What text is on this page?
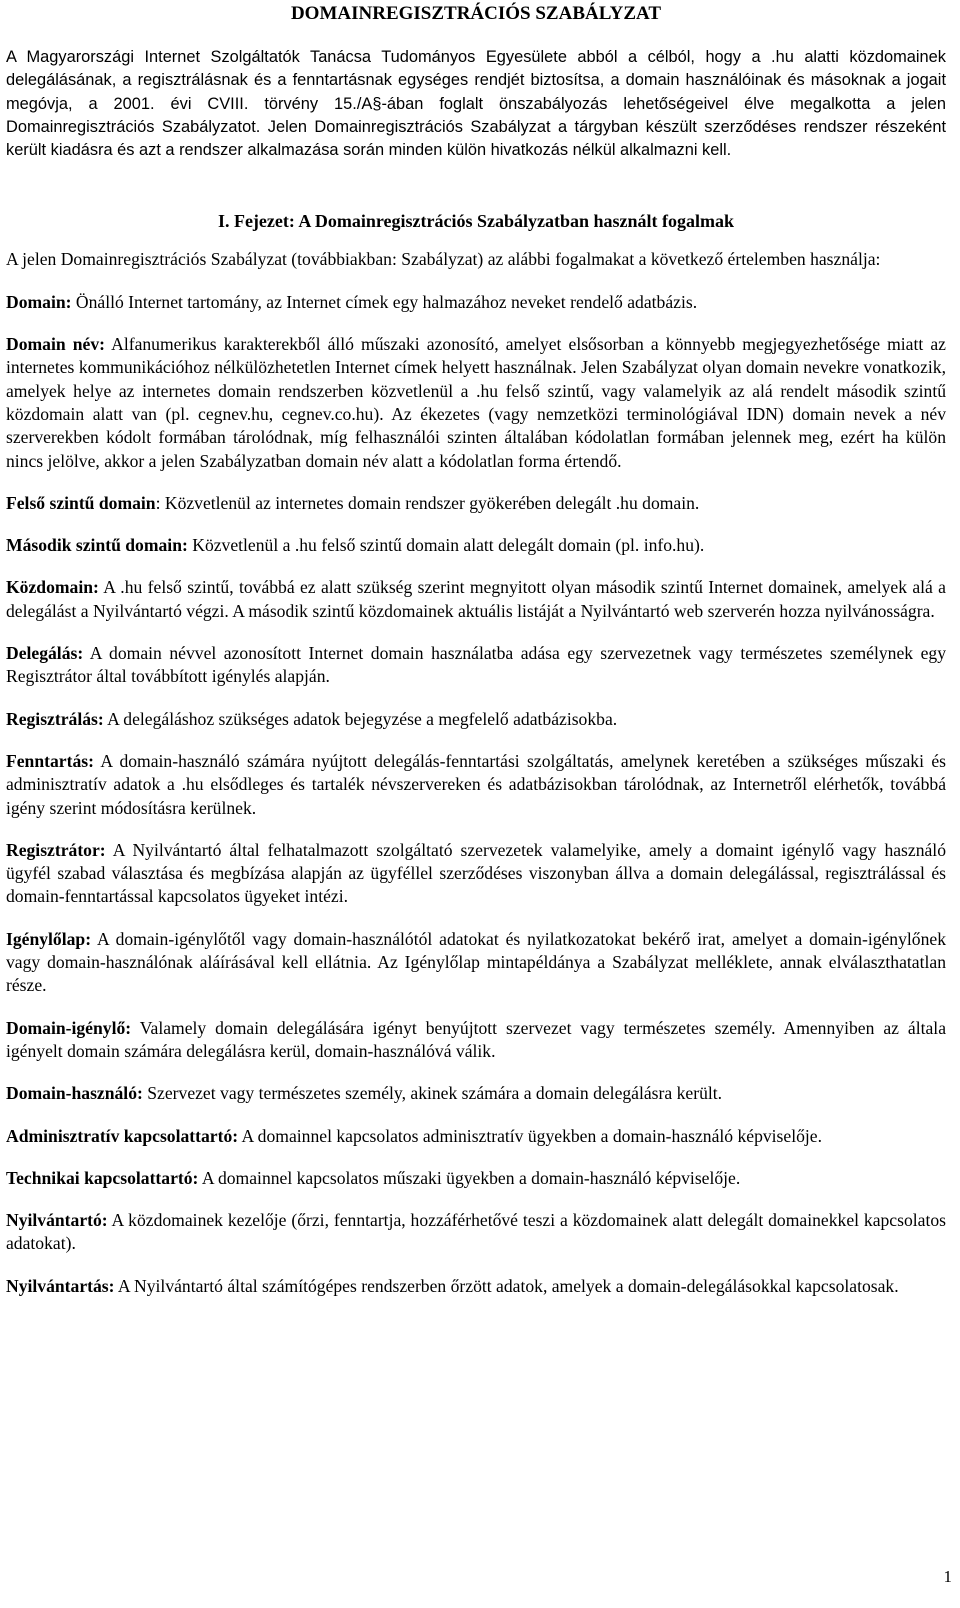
DOMAINREGISZTRÁCIÓS SZABÁLYZAT

A Magyarországi Internet Szolgáltatók Tanácsa Tudományos Egyesülete abból a célból, hogy a .hu alatti közdomainek delegálásának, a regisztrálásnak és a fenntartásnak egységes rendjét biztosítsa, a domain használóinak és másoknak a jogait megóvja, a 2001. évi CVIII. törvény 15./A§-ában foglalt önszabályozás lehetőségeivel élve megalkotta a jelen Domainregisztrációs Szabályzatot. Jelen Domainregisztrációs Szabályzat a tárgyban készült szerződéses rendszer részeként került kiadásra és azt a rendszer alkalmazása során minden külön hivatkozás nélkül alkalmazni kell.

I. Fejezet: A Domainregisztrációs Szabályzatban használt fogalmak

A jelen Domainregisztrációs Szabályzat (továbbiakban: Szabályzat) az alábbi fogalmakat a következő értelemben használja:

Domain: Önálló Internet tartomány, az Internet címek egy halmazához neveket rendelő adatbázis.

Domain név: Alfanumerikus karakterekből álló műszaki azonosító, amelyet elsősorban a könnyebb megjegyezhetősége miatt az internetes kommunikációhoz nélkülözhetetlen Internet címek helyett használnak. Jelen Szabályzat olyan domain nevekre vonatkozik, amelyek helye az internetes domain rendszerben közvetlenül a .hu felső szintű, vagy valamelyik az alá rendelt második szintű közdomain alatt van (pl. cegnev.hu, cegnev.co.hu). Az ékezetes (vagy nemzetközi terminológiával IDN) domain nevek a név szerverekben kódolt formában tárolódnak, míg felhasználói szinten általában kódolatlan formában jelennek meg, ezért ha külön nincs jelölve, akkor a jelen Szabályzatban domain név alatt a kódolatlan forma értendő.

Felső szintű domain: Közvetlenül az internetes domain rendszer gyökerében delegált .hu domain.

Második szintű domain: Közvetlenül a .hu felső szintű domain alatt delegált domain (pl. info.hu).

Közdomain: A .hu felső szintű, továbbá ez alatt szükség szerint megnyitott olyan második szintű Internet domainek, amelyek alá a delegálást a Nyilvántartó végzi. A második szintű közdomainek aktuális listáját a Nyilvántartó web szerverén hozza nyilvánosságra.

Delegálás: A domain névvel azonosított Internet domain használatba adása egy szervezetnek vagy természetes személynek egy Regisztrátor által továbbított igénylés alapján.

Regisztrálás: A delegáláshoz szükséges adatok bejegyzése a megfelelő adatbázisokba.

Fenntartás: A domain-használó számára nyújtott delegálás-fenntartási szolgáltatás, amelynek keretében a szükséges műszaki és adminisztratív adatok a .hu elsődleges és tartalék névszervereken és adatbázisokban tárolódnak, az Internetről elérhetők, továbbá igény szerint módosításra kerülnek.

Regisztrátor: A Nyilvántartó által felhatalmazott szolgáltató szervezetek valamelyike, amely a domaint igénylő vagy használó ügyfél szabad választása és megbízása alapján az ügyféllel szerződéses viszonyban állva a domain delegálással, regisztrálással és domain-fenntartással kapcsolatos ügyeket intézi.

Igénylőlap: A domain-igénylőtől vagy domain-használótól adatokat és nyilatkozatokat bekérő irat, amelyet a domain-igénylőnek vagy domain-használónak aláírásával kell ellátnia. Az Igénylőlap mintapéldánya a Szabályzat melléklete, annak elválaszthatatlan része.

Domain-igénylő: Valamely domain delegálására igényt benyújtott szervezet vagy természetes személy. Amennyiben az általa igényelt domain számára delegálásra kerül, domain-használóvá válik.

Domain-használó: Szervezet vagy természetes személy, akinek számára a domain delegálásra került.

Adminisztratív kapcsolattartó: A domainnel kapcsolatos adminisztratív ügyekben a domain-használó képviselője.

Technikai kapcsolattartó: A domainnel kapcsolatos műszaki ügyekben a domain-használó képviselője.

Nyilvántartó: A közdomainek kezelője (őrzi, fenntartja, hozzáférhetővé teszi a közdomainek alatt delegált domainekkel kapcsolatos adatokat).

Nyilvántartás: A Nyilvántartó által számítógépes rendszerben őrzött adatok, amelyek a domain-delegálásokkal kapcsolatosak.

1
